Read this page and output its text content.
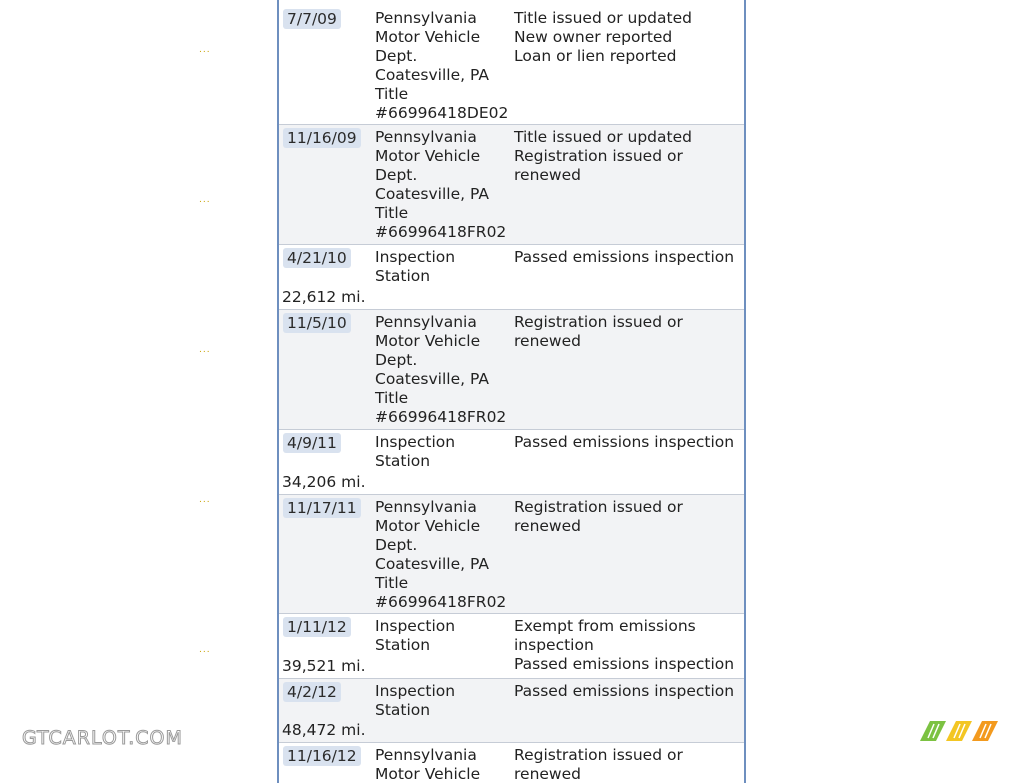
...
...
...
...
...
7/7/09 Pennsylvania
Motor Vehicle
Dept.
Coatesville, PA
Title
#66996418DE02
Title issued or updated
New owner reported
Loan or lien reported
11/16/09 Pennsylvania
Motor Vehicle
Dept.
Coatesville, PA
Title
#66996418FR02
Title issued or updated
Registration issued or renewed
4/21/10 Inspection Station
Passed emissions inspection
22,612 mi.
11/5/10 Pennsylvania
Motor Vehicle
Dept.
Coatesville, PA
Title
#66996418FR02
Registration issued or renewed
4/9/11 Inspection Station
Passed emissions inspection
34,206 mi.
11/17/11 Pennsylvania
Motor Vehicle
Dept.
Coatesville, PA
Title
#66996418FR02
Registration issued or renewed
1/11/12 Inspection Station
Exempt from emissions
inspection
Passed emissions inspection
39,521 mi.
4/2/12 Inspection Station
Passed emissions inspection
48,472 mi.
11/16/12 Pennsylvania
Motor Vehicle
Registration issued or renewed
GTCARLOT.COM
